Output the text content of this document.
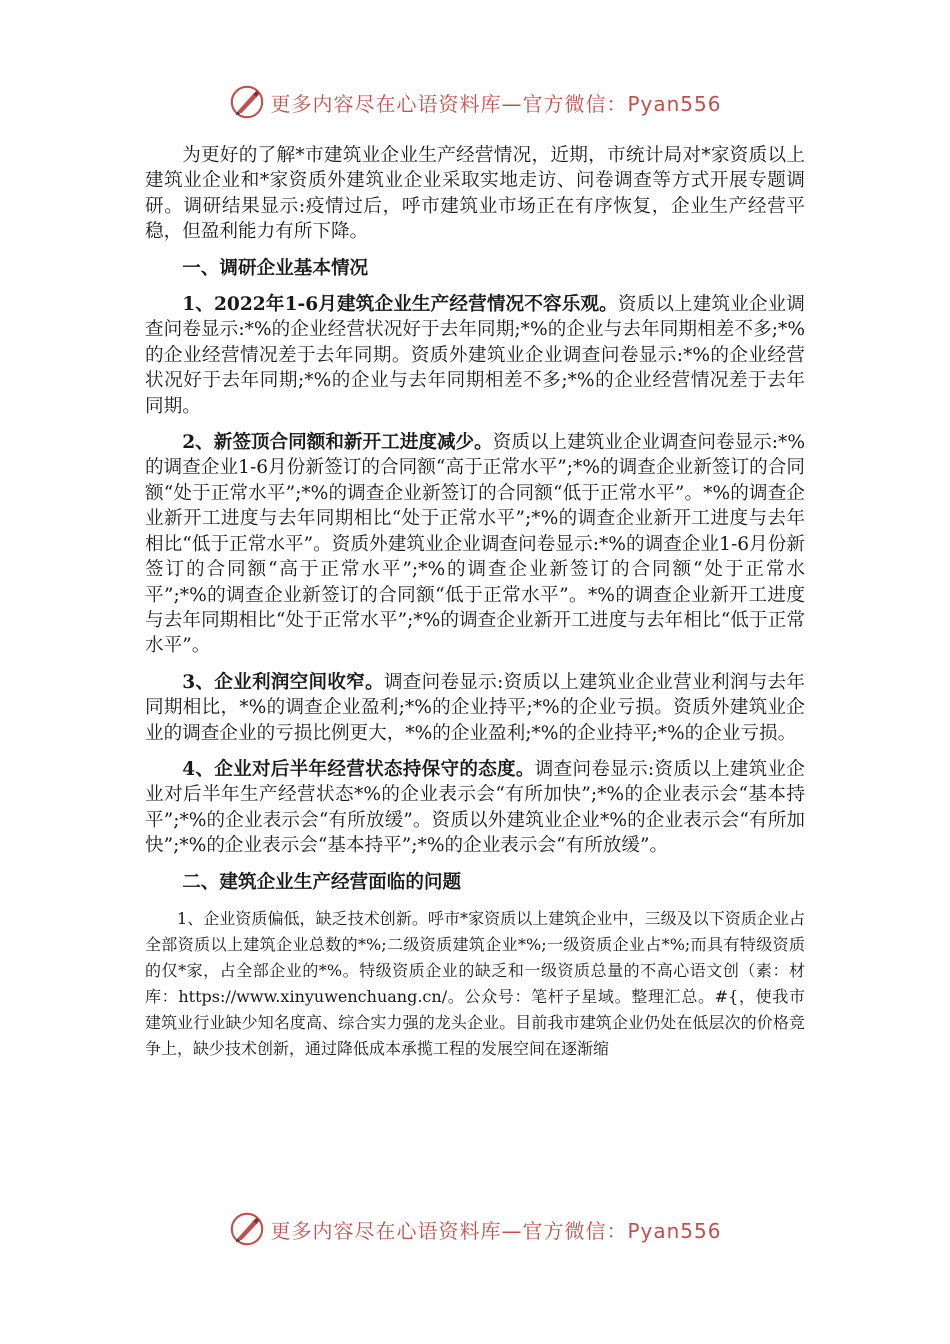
更多内容尽在心语资料库—官方微信：Pyan556

为更好的了解*市建筑业企业生产经营情况，近期，市统计局对*家资质以上建筑业企业和*家资质外建筑业企业采取实地走访、问卷调查等方式开展专题调研。调研结果显示:疫情过后，呼市建筑业市场正在有序恢复，企业生产经营平稳，但盈利能力有所下降。

一、调研企业基本情况

1、2022年1-6月建筑企业生产经营情况不容乐观。资质以上建筑业企业调查问卷显示:*%的企业经营状况好于去年同期;*%的企业与去年同期相差不多;*%的企业经营情况差于去年同期。资质外建筑业企业调查问卷显示:*%的企业经营状况好于去年同期;*%的企业与去年同期相差不多;*%的企业经营情况差于去年同期。

2、新签顶合同额和新开工进度减少。资质以上建筑业企业调查问卷显示:*%的调查企业1-6月份新签订的合同额“高于正常水平”;*%的调查企业新签订的合同额“处于正常水平”;*%的调查企业新签订的合同额“低于正常水平”。*%的调查企业新开工进度与去年同期相比“处于正常水平”;*%的调查企业新开工进度与去年相比“低于正常水平”。资质外建筑业企业调查问卷显示:*%的调查企业1-6月份新签订的合同额“高于正常水平”;*%的调查企业新签订的合同额“处于正常水平”;*%的调查企业新签订的合同额“低于正常水平”。*%的调查企业新开工进度与去年同期相比“处于正常水平”;*%的调查企业新开工进度与去年相比“低于正常水平”。

3、企业利润空间收窄。调查问卷显示:资质以上建筑业企业营业利润与去年同期相比，*%的调查企业盈利;*%的企业持平;*%的企业亏损。资质外建筑业企业的调查企业的亏损比例更大，*%的企业盈利;*%的企业持平;*%的企业亏损。

4、企业对后半年经营状态持保守的态度。调查问卷显示:资质以上建筑业企业对后半年生产经营状态*%的企业表示会“有所加快”;*%的企业表示会“基本持平”;*%的企业表示会“有所放缓”。资质以外建筑业企业*%的企业表示会“有所加快”;*%的企业表示会“基本持平”;*%的企业表示会“有所放缓”。

二、建筑企业生产经营面临的问题

1、企业资质偏低，缺乏技术创新。呼市*家资质以上建筑企业中，三级及以下资质企业占全部资质以上建筑企业总数的*%;二级资质建筑企业*%;一级资质企业占*%;而具有特级资质的仅*家，占全部企业的*%。特级资质企业的缺乏和一级资质总量的不高心语文创（素：材库：https://www.xinyuwenchuang.cn/。公众号：笔杆子星域。整理汇总。#{，使我市建筑业行业缺少知名度高、综合实力强的龙头企业。目前我市建筑企业仍处在低层次的价格竞争上，缺少技术创新，通过降低成本承揽工程的发展空间在逐渐缩

更多内容尽在心语资料库—官方微信：Pyan556
